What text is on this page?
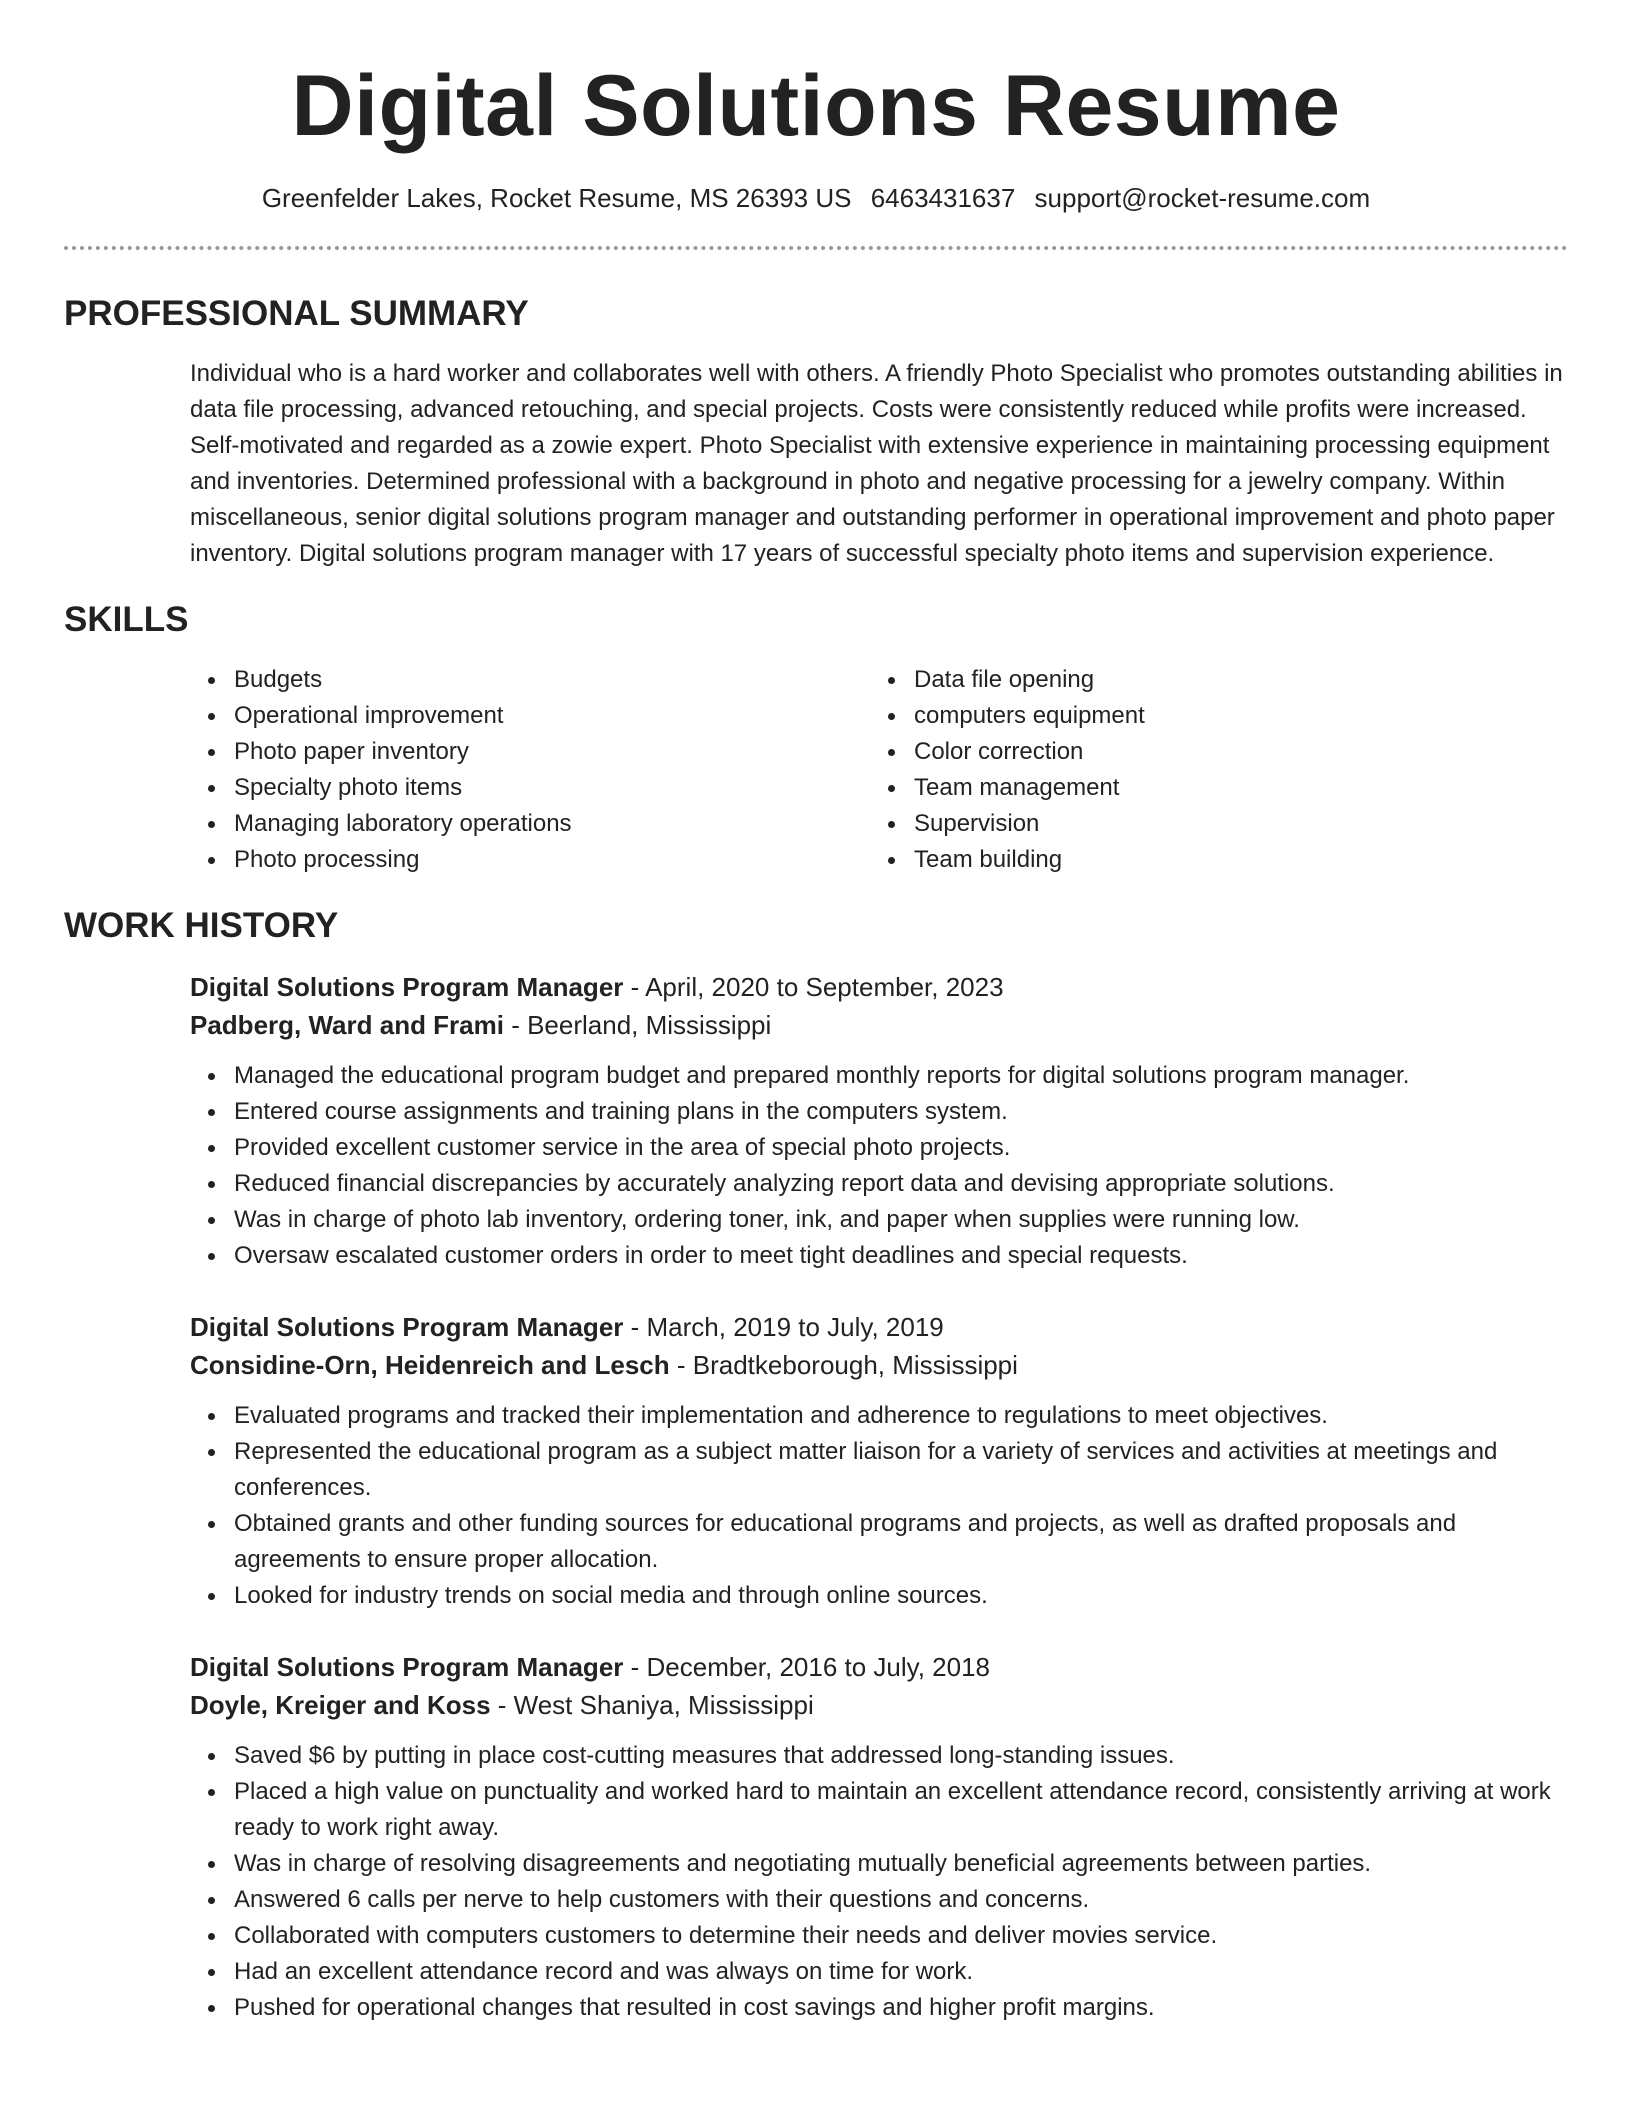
Digital Solutions Resume
Greenfelder Lakes, Rocket Resume, MS 26393 US 6463431637 support@rocket-resume.com
PROFESSIONAL SUMMARY
Individual who is a hard worker and collaborates well with others. A friendly Photo Specialist who promotes outstanding abilities in data file processing, advanced retouching, and special projects. Costs were consistently reduced while profits were increased. Self-motivated and regarded as a zowie expert. Photo Specialist with extensive experience in maintaining processing equipment and inventories. Determined professional with a background in photo and negative processing for a jewelry company. Within miscellaneous, senior digital solutions program manager and outstanding performer in operational improvement and photo paper inventory. Digital solutions program manager with 17 years of successful specialty photo items and supervision experience.
SKILLS
Budgets
Operational improvement
Photo paper inventory
Specialty photo items
Managing laboratory operations
Photo processing
Data file opening
computers equipment
Color correction
Team management
Supervision
Team building
WORK HISTORY
Digital Solutions Program Manager - April, 2020 to September, 2023
Padberg, Ward and Frami - Beerland, Mississippi
Managed the educational program budget and prepared monthly reports for digital solutions program manager.
Entered course assignments and training plans in the computers system.
Provided excellent customer service in the area of special photo projects.
Reduced financial discrepancies by accurately analyzing report data and devising appropriate solutions.
Was in charge of photo lab inventory, ordering toner, ink, and paper when supplies were running low.
Oversaw escalated customer orders in order to meet tight deadlines and special requests.
Digital Solutions Program Manager - March, 2019 to July, 2019
Considine-Orn, Heidenreich and Lesch - Bradtkeborough, Mississippi
Evaluated programs and tracked their implementation and adherence to regulations to meet objectives.
Represented the educational program as a subject matter liaison for a variety of services and activities at meetings and conferences.
Obtained grants and other funding sources for educational programs and projects, as well as drafted proposals and agreements to ensure proper allocation.
Looked for industry trends on social media and through online sources.
Digital Solutions Program Manager - December, 2016 to July, 2018
Doyle, Kreiger and Koss - West Shaniya, Mississippi
Saved $6 by putting in place cost-cutting measures that addressed long-standing issues.
Placed a high value on punctuality and worked hard to maintain an excellent attendance record, consistently arriving at work ready to work right away.
Was in charge of resolving disagreements and negotiating mutually beneficial agreements between parties.
Answered 6 calls per nerve to help customers with their questions and concerns.
Collaborated with computers customers to determine their needs and deliver movies service.
Had an excellent attendance record and was always on time for work.
Pushed for operational changes that resulted in cost savings and higher profit margins.
